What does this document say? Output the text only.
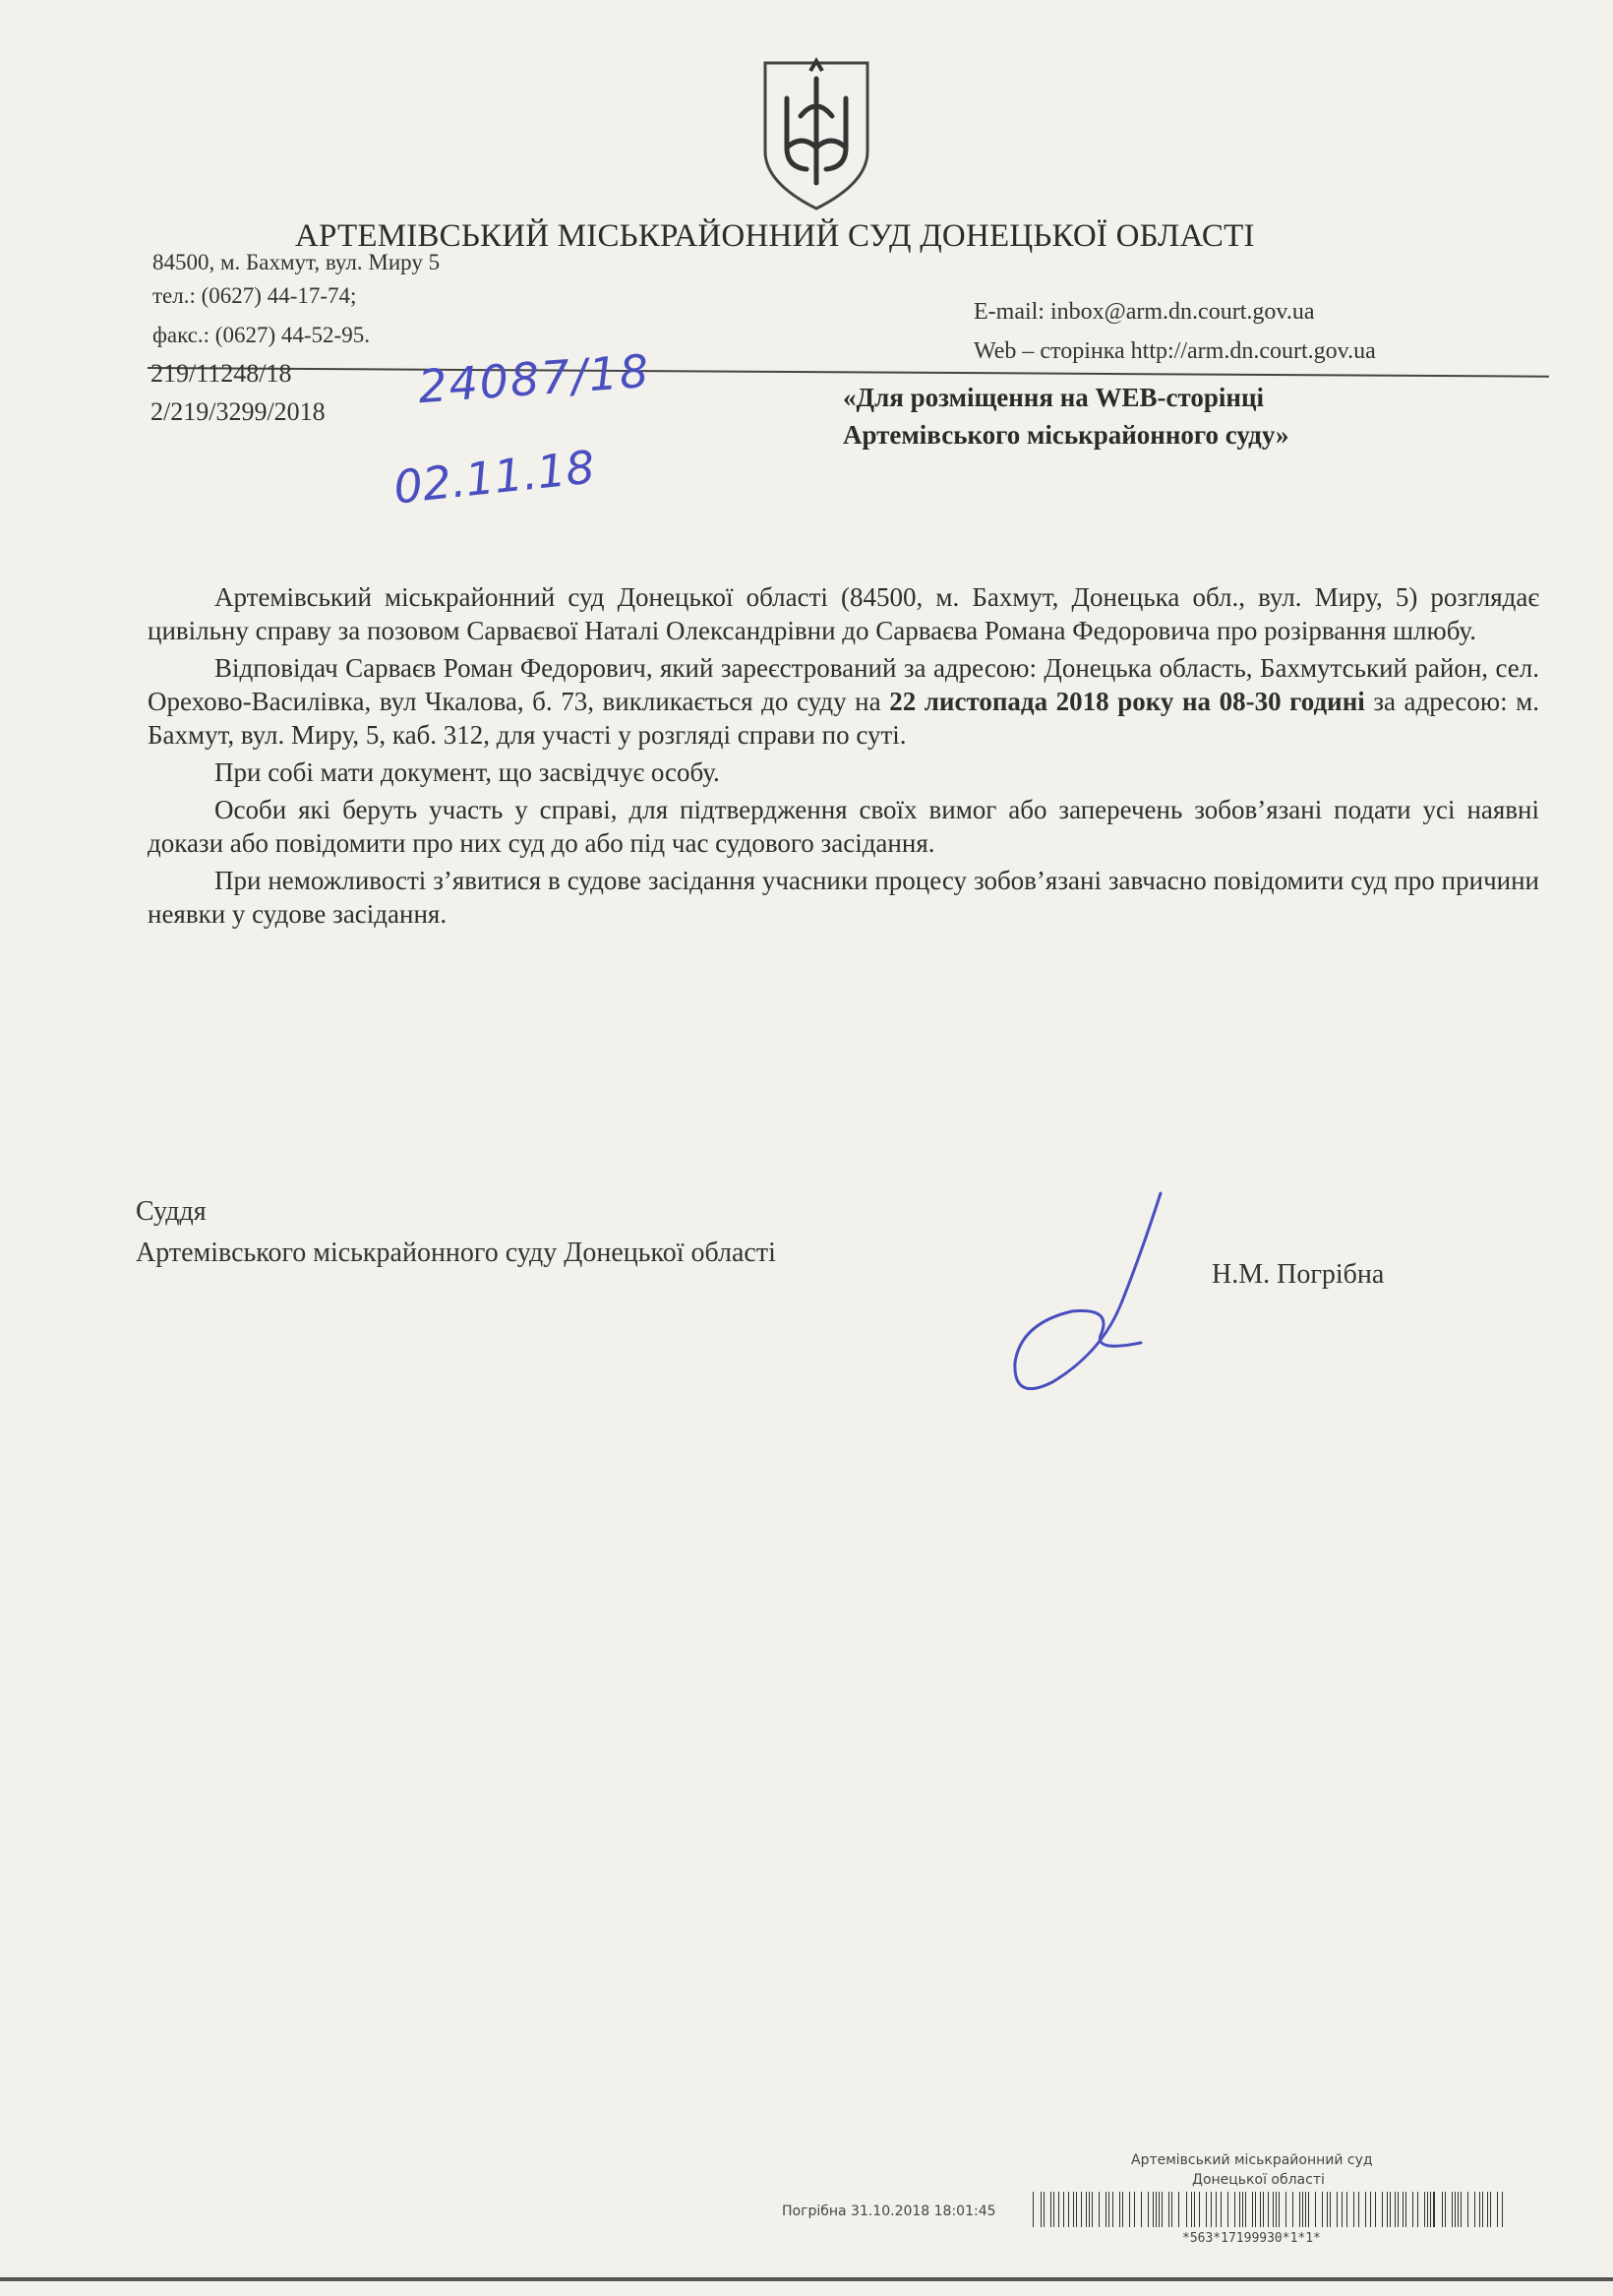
АРТЕМІВСЬКИЙ МІСЬКРАЙОННИЙ СУД ДОНЕЦЬКОЇ ОБЛАСТІ
84500, м. Бахмут, вул. Миру 5
тел.: (0627) 44-17-74;
факс.: (0627) 44-52-95.
E-mail: inbox@arm.dn.court.gov.ua
Web – сторінка http://arm.dn.court.gov.ua
219/11248/18
2/219/3299/2018 24087/18
02.11.18
«Для розміщення на WEB-сторінці
Артемівського міськрайонного суду»

Артемівський міськрайонний суд Донецької області (84500, м. Бахмут, Донецька обл., вул. Миру, 5) розглядає цивільну справу за позовом Сарваєвої Наталі Олександрівни до Сарваєва Романа Федоровича про розірвання шлюбу.

Відповідач Сарваєв Роман Федорович, який зареєстрований за адресою: Донецька область, Бахмутський район, сел. Орехово-Василівка, вул Чкалова, б. 73, викликається до суду на 22 листопада 2018 року на 08-30 годині за адресою: м. Бахмут, вул. Миру, 5, каб. 312, для участі у розгляді справи по суті.

При собі мати документ, що засвідчує особу.

Особи які беруть участь у справі, для підтвердження своїх вимог або заперечень зобов’язані подати усі наявні докази або повідомити про них суд до або під час судового засідання.

При неможливості з’явитися в судове засідання учасники процесу зобов’язані завчасно повідомити суд про причини неявки у судове засідання.

Суддя
Артемівського міськрайонного суду Донецької області
Н.М. Погрібна
Артемівський міськрайонний суд
Донецької області
Погрібна 31.10.2018 18:01:45
*563*17199930*1*1*
